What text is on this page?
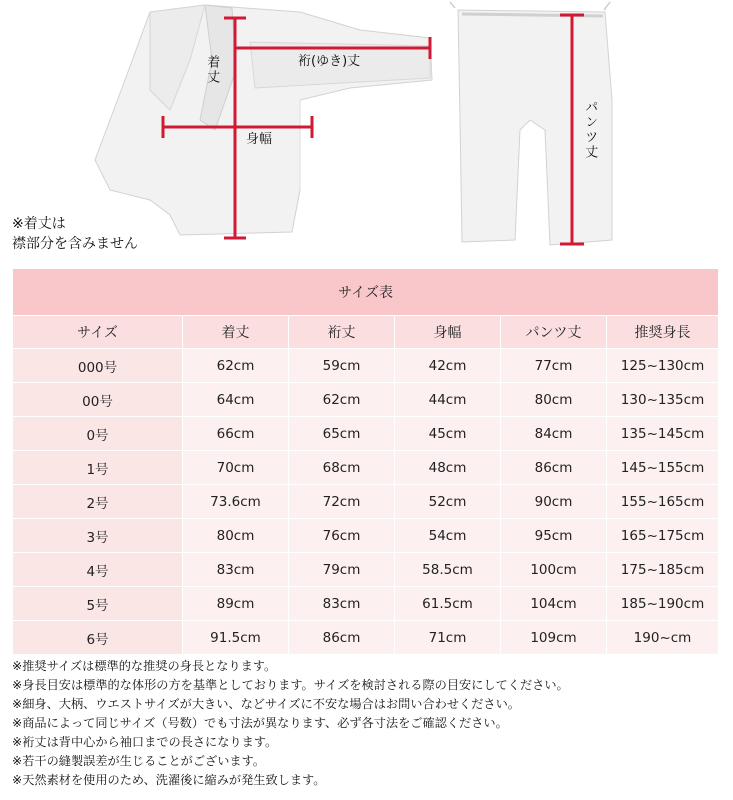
着丈	裄(ゆき)丈
身幅	パンツ丈
※着丈は
襟部分を含みません
サイズ表					
サイズ	着丈	裄丈	身幅	パンツ丈	推奨身長
000号	62cm	59cm	42cm	77cm	125~130cm
00号	64cm	62cm	44cm	80cm	130~135cm
0号	66cm	65cm	45cm	84cm	135~145cm
1号	70cm	68cm	48cm	86cm	145~155cm
2号	73.6cm	72cm	52cm	90cm	155~165cm
3号	80cm	76cm	54cm	95cm	165~175cm
4号	83cm	79cm	58.5cm	100cm	175~185cm
5号	89cm	83cm	61.5cm	104cm	185~190cm
6号	91.5cm	86cm	71cm	109cm	190~cm
※推奨サイズは標準的な推奨の身長となります。
※身長目安は標準的な体形の方を基準としております。サイズを検討される際の目安にしてください。
※細身、大柄、ウエストサイズが大きい、などサイズに不安な場合はお問い合わせください。
※商品によって同じサイズ（号数）でも寸法が異なります、必ず各寸法をご確認ください。
※裄丈は背中心から袖口までの長さになります。
※若干の縫製誤差が生じることがございます。
※天然素材を使用のため、洗濯後に縮みが発生致します。
